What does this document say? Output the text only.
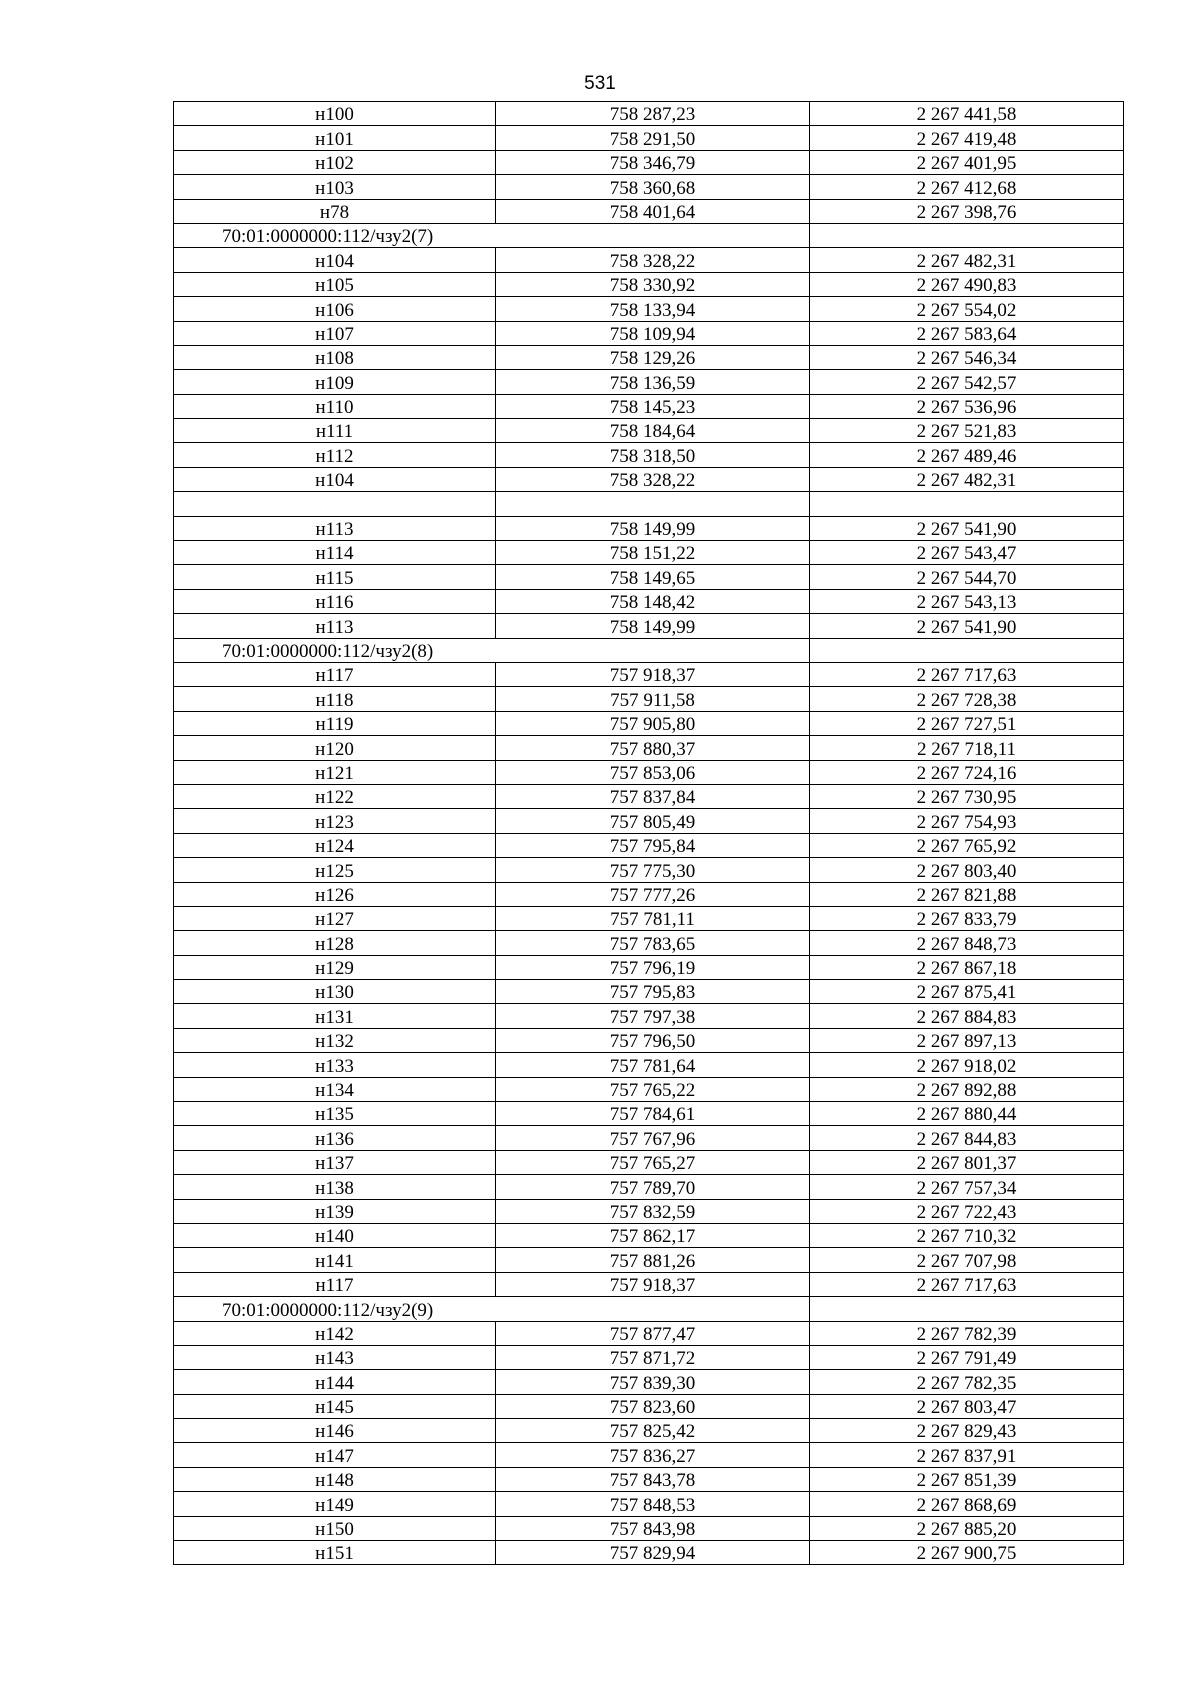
531
н100	758 287,23	2 267 441,58
н101	758 291,50	2 267 419,48
н102	758 346,79	2 267 401,95
н103	758 360,68	2 267 412,68
н78	758 401,64	2 267 398,76
70:01:0000000:112/чзу2(7)		
н104	758 328,22	2 267 482,31
н105	758 330,92	2 267 490,83
н106	758 133,94	2 267 554,02
н107	758 109,94	2 267 583,64
н108	758 129,26	2 267 546,34
н109	758 136,59	2 267 542,57
н110	758 145,23	2 267 536,96
н111	758 184,64	2 267 521,83
н112	758 318,50	2 267 489,46
н104	758 328,22	2 267 482,31

н113	758 149,99	2 267 541,90
н114	758 151,22	2 267 543,47
н115	758 149,65	2 267 544,70
н116	758 148,42	2 267 543,13
н113	758 149,99	2 267 541,90
70:01:0000000:112/чзу2(8)		
н117	757 918,37	2 267 717,63
н118	757 911,58	2 267 728,38
н119	757 905,80	2 267 727,51
н120	757 880,37	2 267 718,11
н121	757 853,06	2 267 724,16
н122	757 837,84	2 267 730,95
н123	757 805,49	2 267 754,93
н124	757 795,84	2 267 765,92
н125	757 775,30	2 267 803,40
н126	757 777,26	2 267 821,88
н127	757 781,11	2 267 833,79
н128	757 783,65	2 267 848,73
н129	757 796,19	2 267 867,18
н130	757 795,83	2 267 875,41
н131	757 797,38	2 267 884,83
н132	757 796,50	2 267 897,13
н133	757 781,64	2 267 918,02
н134	757 765,22	2 267 892,88
н135	757 784,61	2 267 880,44
н136	757 767,96	2 267 844,83
н137	757 765,27	2 267 801,37
н138	757 789,70	2 267 757,34
н139	757 832,59	2 267 722,43
н140	757 862,17	2 267 710,32
н141	757 881,26	2 267 707,98
н117	757 918,37	2 267 717,63
70:01:0000000:112/чзу2(9)		
н142	757 877,47	2 267 782,39
н143	757 871,72	2 267 791,49
н144	757 839,30	2 267 782,35
н145	757 823,60	2 267 803,47
н146	757 825,42	2 267 829,43
н147	757 836,27	2 267 837,91
н148	757 843,78	2 267 851,39
н149	757 848,53	2 267 868,69
н150	757 843,98	2 267 885,20
н151	757 829,94	2 267 900,75
